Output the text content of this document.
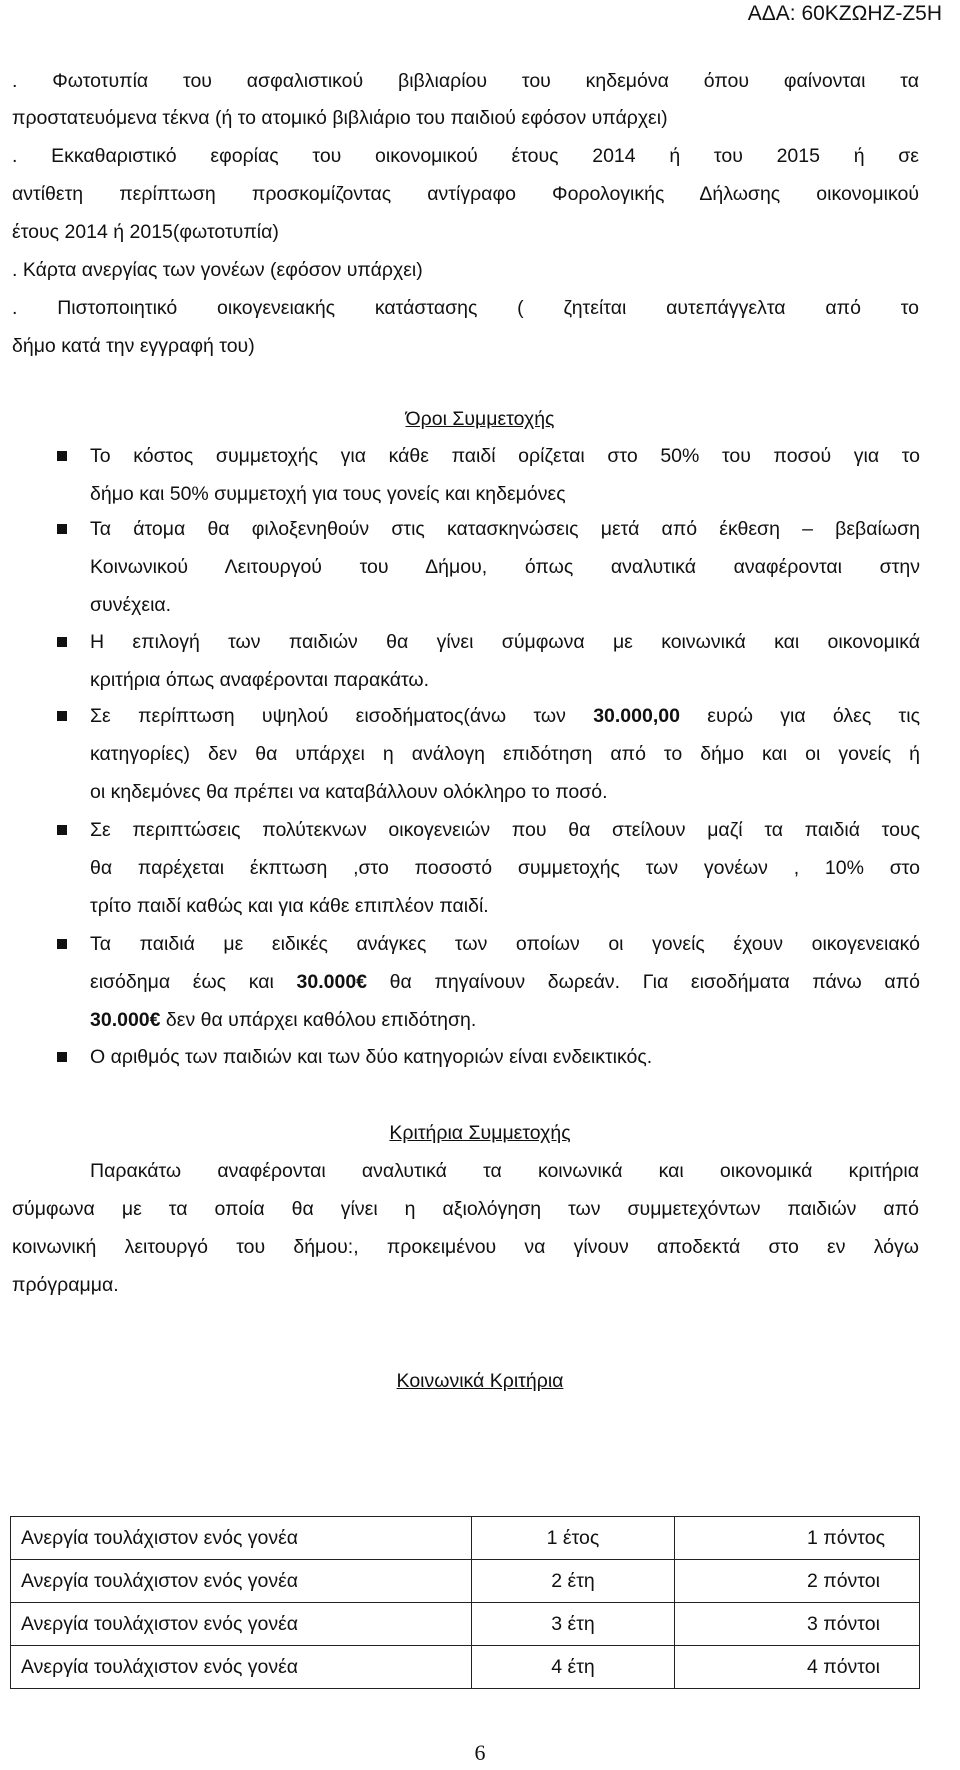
ΑΔΑ: 60ΚΖΩΗΖ-Ζ5Η
. Φωτοτυπία του ασφαλιστικού βιβλιαρίου του κηδεμόνα όπου φαίνονται τα
προστατευόμενα τέκνα (ή το ατομικό βιβλιάριο του παιδιού εφόσον υπάρχει)
. Εκκαθαριστικό εφορίας του οικονομικού έτους 2014 ή του 2015 ή σε
αντίθετη περίπτωση προσκομίζοντας αντίγραφο Φορολογικής Δήλωσης οικονομικού
έτους 2014 ή 2015(φωτοτυπία)
. Κάρτα ανεργίας των γονέων (εφόσον υπάρχει)
. Πιστοποιητικό οικογενειακής κατάστασης ( ζητείται αυτεπάγγελτα από το
δήμο κατά την εγγραφή του)
Όροι Συμμετοχής
Το κόστος συμμετοχής για κάθε παιδί ορίζεται στο 50% του ποσού για το
δήμο και 50% συμμετοχή για τους γονείς και κηδεμόνες
Τα άτομα θα φιλοξενηθούν στις κατασκηνώσεις μετά από έκθεση – βεβαίωση
Κοινωνικού Λειτουργού του Δήμου, όπως αναλυτικά αναφέρονται στην
συνέχεια.
Η επιλογή των παιδιών θα γίνει σύμφωνα με κοινωνικά και οικονομικά
κριτήρια όπως αναφέρονται παρακάτω.
Σε περίπτωση υψηλού εισοδήματος(άνω των 30.000,00 ευρώ για όλες τις
κατηγορίες) δεν θα υπάρχει η ανάλογη επιδότηση από το δήμο και οι γονείς ή
οι κηδεμόνες θα πρέπει να καταβάλλουν ολόκληρο το ποσό.
Σε περιπτώσεις πολύτεκνων οικογενειών που θα στείλουν μαζί τα παιδιά τους
θα παρέχεται έκπτωση ,στο ποσοστό συμμετοχής των γονέων , 10% στο
τρίτο παιδί καθώς και για κάθε επιπλέον παιδί.
Τα παιδιά με ειδικές ανάγκες των οποίων οι γονείς έχουν οικογενειακό
εισόδημα έως και 30.000€ θα πηγαίνουν δωρεάν. Για εισοδήματα πάνω από
30.000€ δεν θα υπάρχει καθόλου επιδότηση.
Ο αριθμός των παιδιών και των δύο κατηγοριών είναι ενδεικτικός.
Κριτήρια Συμμετοχής
Παρακάτω αναφέρονται αναλυτικά τα κοινωνικά και οικονομικά κριτήρια
σύμφωνα με τα οποία θα γίνει η αξιολόγηση των συμμετεχόντων παιδιών από
κοινωνική λειτουργό του δήμου:, προκειμένου να γίνουν αποδεκτά στο εν λόγω
πρόγραμμα.
Κοινωνικά Κριτήρια
Ανεργία τουλάχιστον ενός γονέα	1 έτος	1 πόντος
Ανεργία τουλάχιστον ενός γονέα	2 έτη	2 πόντοι
Ανεργία τουλάχιστον ενός γονέα	3 έτη	3 πόντοι
Ανεργία τουλάχιστον ενός γονέα	4 έτη	4 πόντοι
6
